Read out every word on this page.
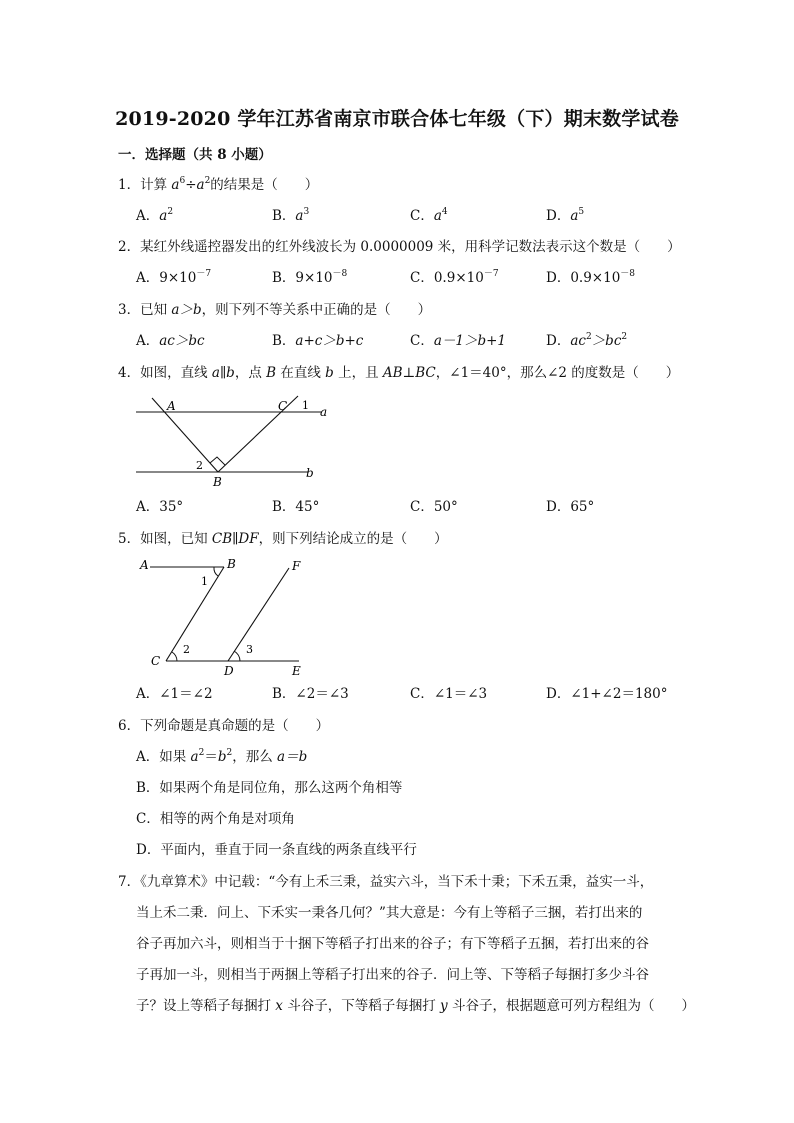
2019-2020 学年江苏省南京市联合体七年级（下）期末数学试卷
一．选择题（共 8 小题）
1．计算 $a^6\div a^2$的结果是（　　）
A．$a^2$	B．$a^3$	C．$a^4$	D．$a^5$
2．某红外线遥控器发出的红外线波长为 0.0000009 米，用科学记数法表示这个数是（　　）
A．$9\times 10^{-7}$	B．$9\times 10^{-8}$	C．$0.9\times 10^{-7}$	D．$0.9\times 10^{-8}$
3．已知 a＞b，则下列不等关系中正确的是（　　）
A．ac＞bc	B．a+c＞b+c	C．a－1＞b+1	D．$ac^2>bc^2$
4．如图，直线 a∥b，点 B 在直线 b 上，且 AB⊥BC，∠1＝40°，那么∠2 的度数是（　　）
A	C 1 a
2
B
b
A．35°	B．45°	C．50°	D．65°
5．如图，已知 CB∥DF，则下列结论成立的是（　　）
A	B	F
1
2	3
C
D	E
A．∠1＝∠2	B．∠2＝∠3	C．∠1＝∠3	D．∠1+∠2＝180°
6．下列命题是真命题的是（　　）
A．如果 $a^2=b^2$，那么 a＝b
B．如果两个角是同位角，那么这两个角相等
C．相等的两个角是对项角
D．平面内，垂直于同一条直线的两条直线平行
7．《九章算术》中记载：“今有上禾三秉，益实六斗，当下禾十秉；下禾五秉，益实一斗，
当上禾二秉．问上、下禾实一秉各几何？”其大意是：今有上等稻子三捆，若打出来的
谷子再加六斗，则相当于十捆下等稻子打出来的谷子；有下等稻子五捆，若打出来的谷
子再加一斗，则相当于两捆上等稻子打出来的谷子．问上等、下等稻子每捆打多少斗谷
子？设上等稻子每捆打 x 斗谷子，下等稻子每捆打 y 斗谷子，根据题意可列方程组为（　　）
